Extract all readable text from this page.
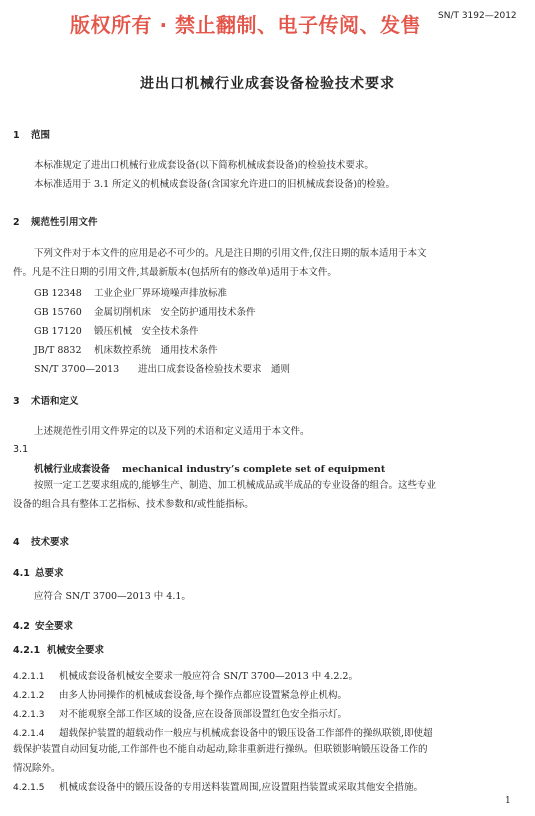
版权所有 · 禁止翻制、电子传阅、发售 SN/T 3192—2012
进出口机械行业成套设备检验技术要求
1 范围
本标准规定了进出口机械行业成套设备(以下简称机械成套设备)的检验技术要求。
本标准适用于 3.1 所定义的机械成套设备(含国家允许进口的旧机械成套设备)的检验。
2 规范性引用文件
下列文件对于本文件的应用是必不可少的。凡是注日期的引用文件,仅注日期的版本适用于本文
件。凡是不注日期的引用文件,其最新版本(包括所有的修改单)适用于本文件。
GB 12348 工业企业厂界环境噪声排放标准
GB 15760 金属切削机床　安全防护通用技术条件
GB 17120 锻压机械　安全技术条件
JB/T 8832 机床数控系统　通用技术条件
SN/T 3700—2013 进出口成套设备检验技术要求　通则
3 术语和定义
上述规范性引用文件界定的以及下列的术语和定义适用于本文件。
3.1
机械行业成套设备 mechanical industry’s complete set of equipment
按照一定工艺要求组成的,能够生产、制造、加工机械成品或半成品的专业设备的组合。这些专业
设备的组合具有整体工艺指标、技术参数和/或性能指标。
4 技术要求
4.1 总要求
应符合 SN/T 3700—2013 中 4.1。
4.2 安全要求
4.2.1 机械安全要求
4.2.1.1 机械成套设备机械安全要求一般应符合 SN/T 3700—2013 中 4.2.2。
4.2.1.2 由多人协同操作的机械成套设备,每个操作点都应设置紧急停止机构。
4.2.1.3 对不能观察全部工作区域的设备,应在设备顶部设置红色安全指示灯。
4.2.1.4 超载保护装置的超载动作一般应与机械成套设备中的锻压设备工作部件的操纵联锁,即使超
载保护装置自动回复功能,工作部件也不能自动起动,除非重新进行操纵。但联锁影响锻压设备工作的
情况除外。
4.2.1.5 机械成套设备中的锻压设备的专用送料装置周围,应设置阻挡装置或采取其他安全措施。
1
